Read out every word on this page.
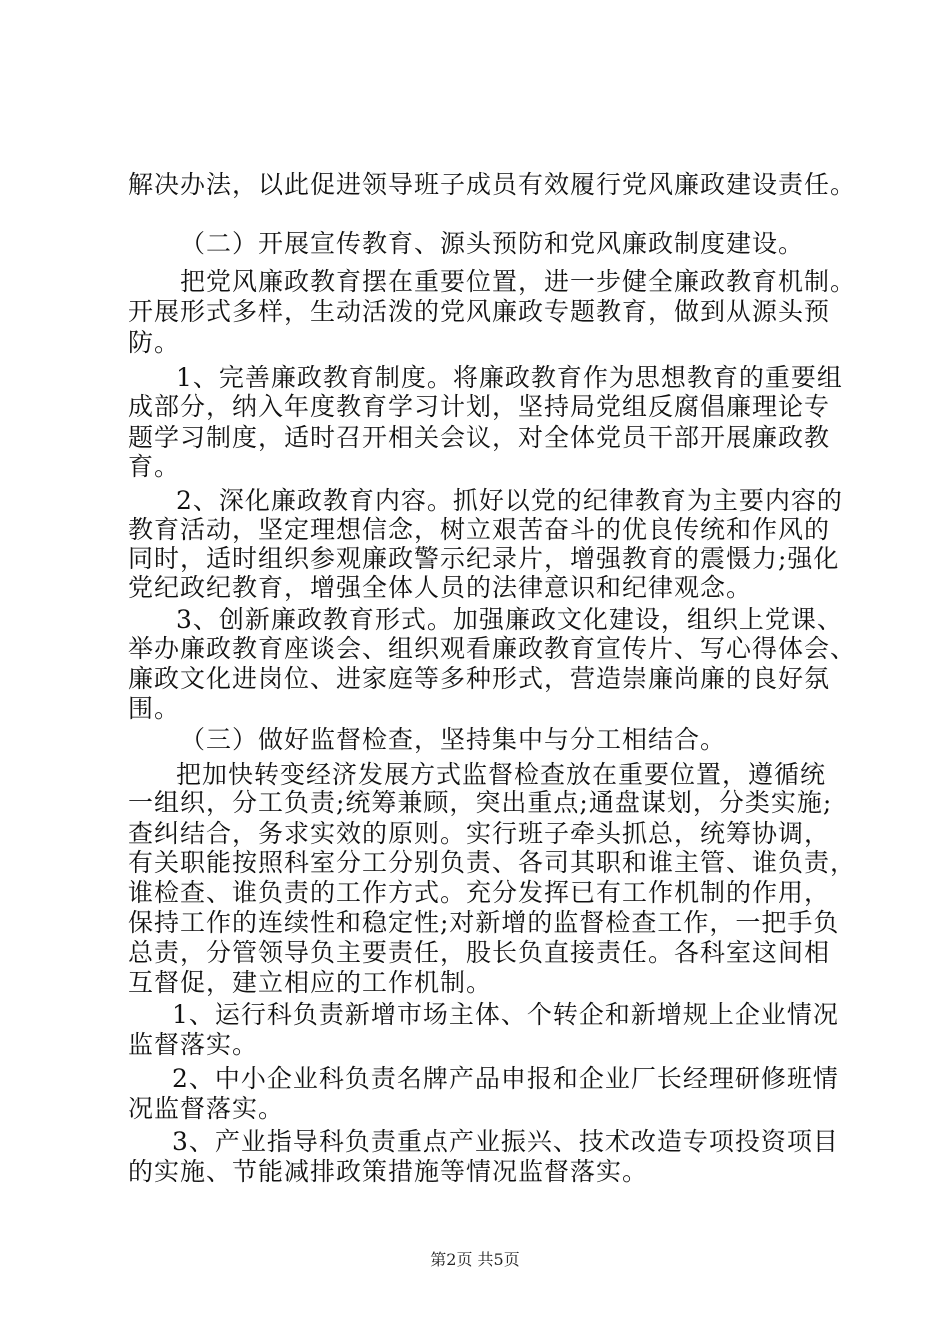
解决办法，以此促进领导班子成员有效履行党风廉政建设责任。
（二）开展宣传教育、源头预防和党风廉政制度建设。
把党风廉政教育摆在重要位置，进一步健全廉政教育机制。
开展形式多样，生动活泼的党风廉政专题教育，做到从源头预
防。
1、完善廉政教育制度。将廉政教育作为思想教育的重要组
成部分，纳入年度教育学习计划，坚持局党组反腐倡廉理论专
题学习制度，适时召开相关会议，对全体党员干部开展廉政教
育。
2、深化廉政教育内容。抓好以党的纪律教育为主要内容的
教育活动，坚定理想信念，树立艰苦奋斗的优良传统和作风的
同时，适时组织参观廉政警示纪录片，增强教育的震慑力;强化
党纪政纪教育，增强全体人员的法律意识和纪律观念。
3、创新廉政教育形式。加强廉政文化建设，组织上党课、
举办廉政教育座谈会、组织观看廉政教育宣传片、写心得体会、
廉政文化进岗位、进家庭等多种形式，营造崇廉尚廉的良好氛
围。
（三）做好监督检查，坚持集中与分工相结合。
把加快转变经济发展方式监督检查放在重要位置，遵循统
一组织，分工负责;统筹兼顾，突出重点;通盘谋划，分类实施;
查纠结合，务求实效的原则。实行班子牵头抓总，统筹协调，
有关职能按照科室分工分别负责、各司其职和谁主管、谁负责，
谁检查、谁负责的工作方式。充分发挥已有工作机制的作用，
保持工作的连续性和稳定性;对新增的监督检查工作，一把手负
总责，分管领导负主要责任，股长负直接责任。各科室这间相
互督促，建立相应的工作机制。
1、运行科负责新增市场主体、个转企和新增规上企业情况
监督落实。
2、中小企业科负责名牌产品申报和企业厂长经理研修班情
况监督落实。
3、产业指导科负责重点产业振兴、技术改造专项投资项目
的实施、节能减排政策措施等情况监督落实。
第2页 共5页
